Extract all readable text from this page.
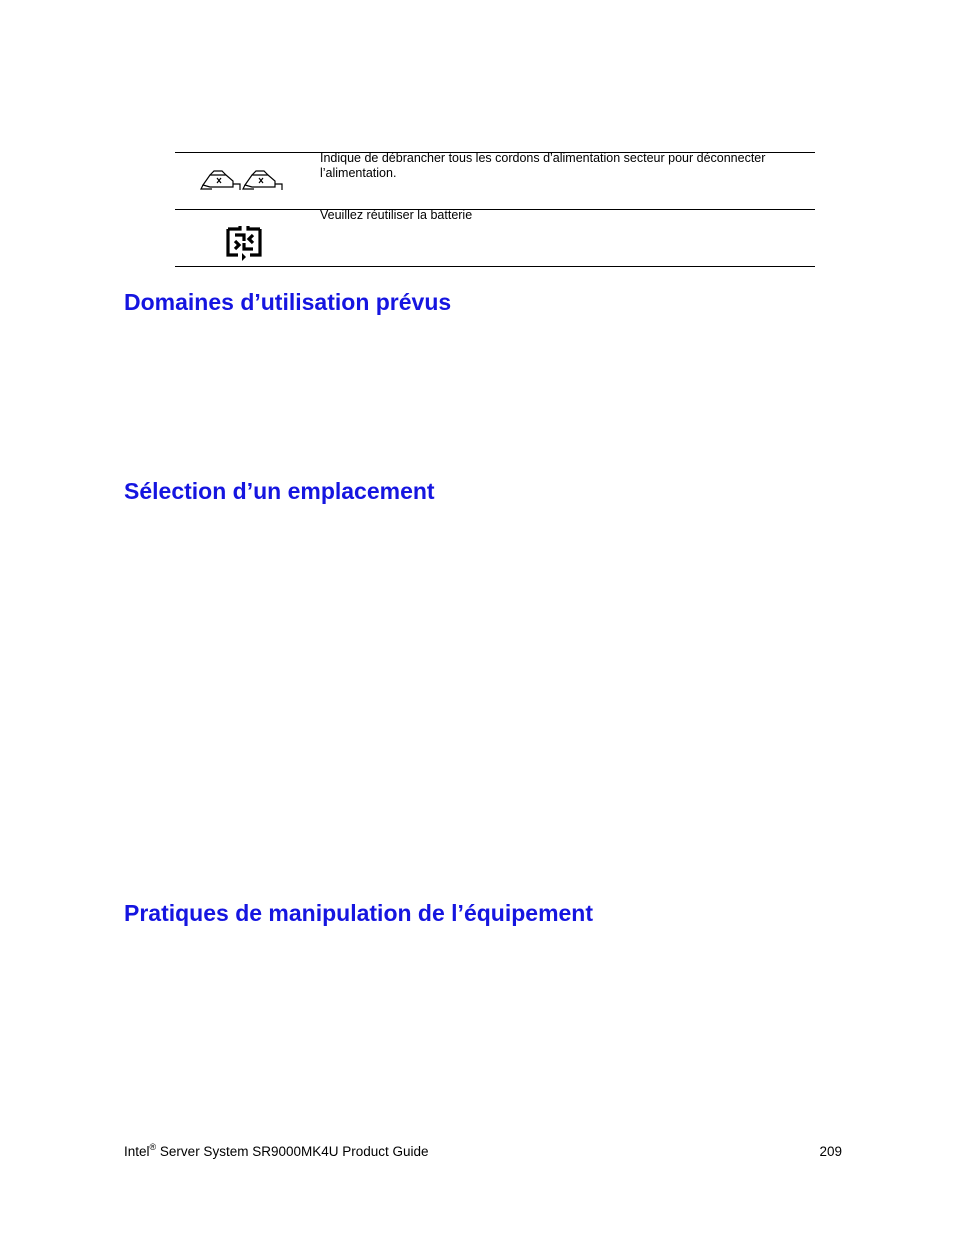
Indique de débrancher tous les cordons d’alimentation secteur pour déconnecter l’alimentation.
Veuillez réutiliser la batterie
Domaines d’utilisation prévus
Sélection d’un emplacement
Pratiques de manipulation de l’équipement
Intel® Server System SR9000MK4U Product Guide	209
